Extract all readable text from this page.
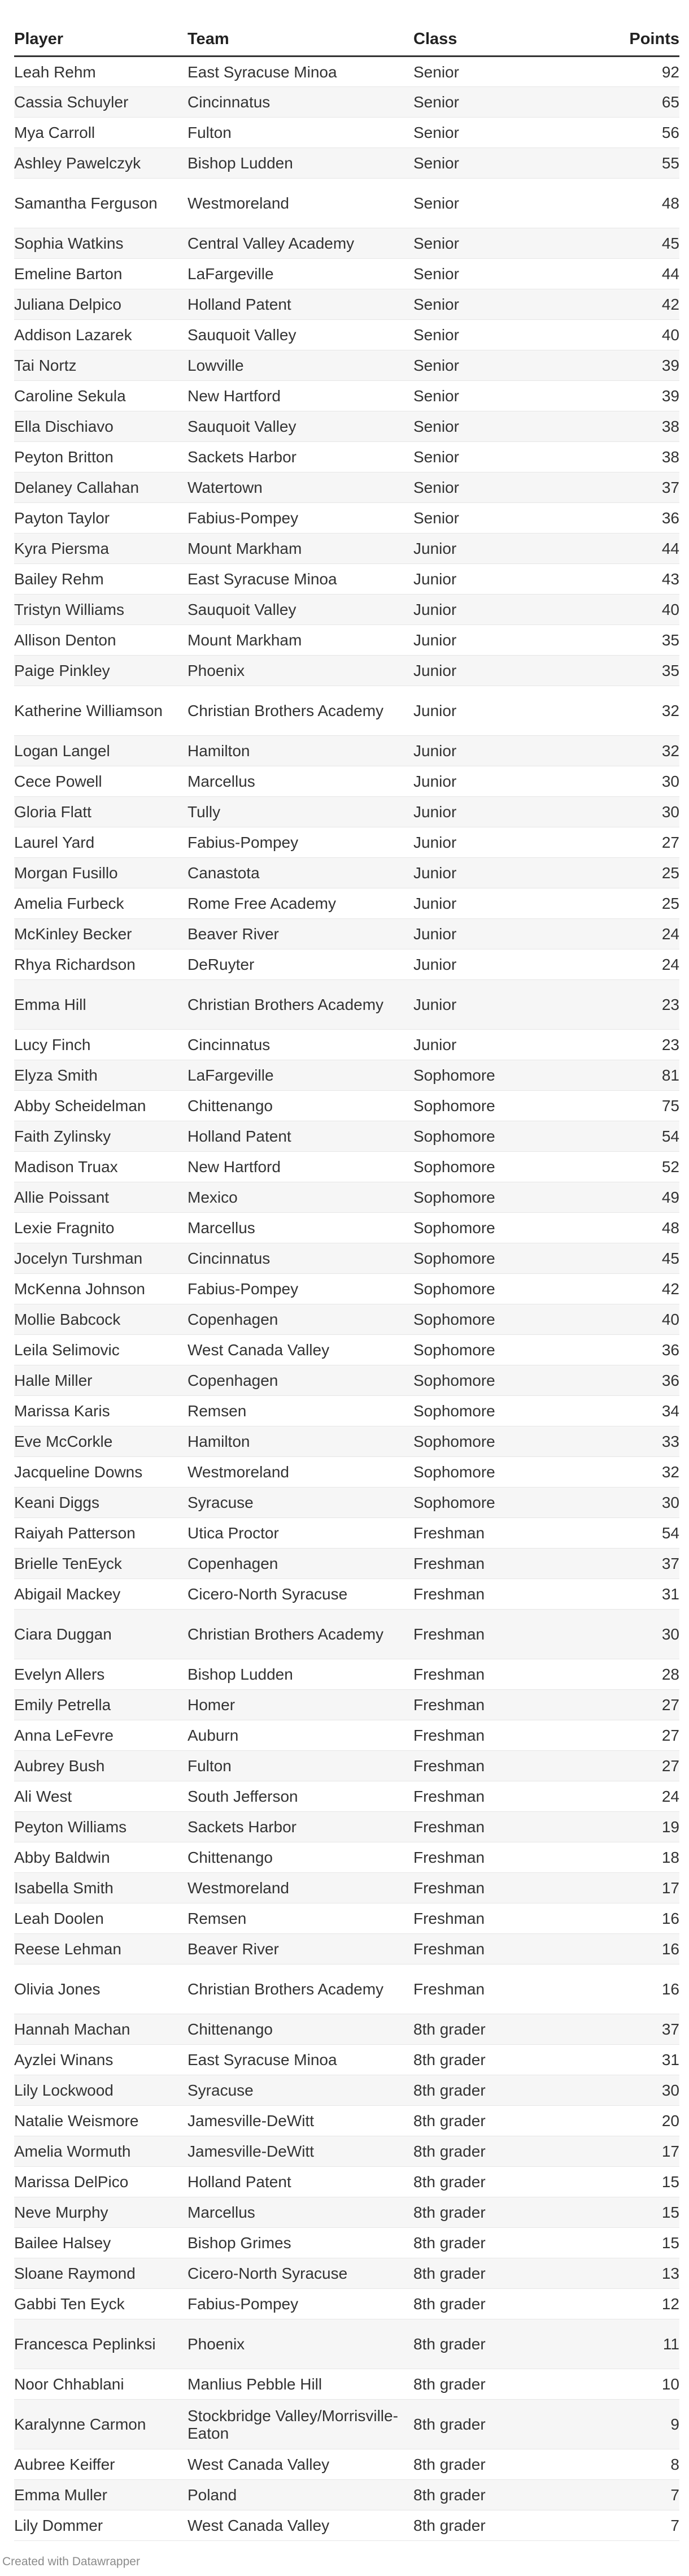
Player	Team	Class	Points
Leah Rehm	East Syracuse Minoa	Senior	92
Cassia Schuyler	Cincinnatus	Senior	65
Mya Carroll	Fulton	Senior	56
Ashley Pawelczyk	Bishop Ludden	Senior	55
Samantha Ferguson	Westmoreland	Senior	48
Sophia Watkins	Central Valley Academy	Senior	45
Emeline Barton	LaFargeville	Senior	44
Juliana Delpico	Holland Patent	Senior	42
Addison Lazarek	Sauquoit Valley	Senior	40
Tai Nortz	Lowville	Senior	39
Caroline Sekula	New Hartford	Senior	39
Ella Dischiavo	Sauquoit Valley	Senior	38
Peyton Britton	Sackets Harbor	Senior	38
Delaney Callahan	Watertown	Senior	37
Payton Taylor	Fabius-Pompey	Senior	36
Kyra Piersma	Mount Markham	Junior	44
Bailey Rehm	East Syracuse Minoa	Junior	43
Tristyn Williams	Sauquoit Valley	Junior	40
Allison Denton	Mount Markham	Junior	35
Paige Pinkley	Phoenix	Junior	35
Katherine Williamson	Christian Brothers Academy	Junior	32
Logan Langel	Hamilton	Junior	32
Cece Powell	Marcellus	Junior	30
Gloria Flatt	Tully	Junior	30
Laurel Yard	Fabius-Pompey	Junior	27
Morgan Fusillo	Canastota	Junior	25
Amelia Furbeck	Rome Free Academy	Junior	25
McKinley Becker	Beaver River	Junior	24
Rhya Richardson	DeRuyter	Junior	24
Emma Hill	Christian Brothers Academy	Junior	23
Lucy Finch	Cincinnatus	Junior	23
Elyza Smith	LaFargeville	Sophomore	81
Abby Scheidelman	Chittenango	Sophomore	75
Faith Zylinsky	Holland Patent	Sophomore	54
Madison Truax	New Hartford	Sophomore	52
Allie Poissant	Mexico	Sophomore	49
Lexie Fragnito	Marcellus	Sophomore	48
Jocelyn Turshman	Cincinnatus	Sophomore	45
McKenna Johnson	Fabius-Pompey	Sophomore	42
Mollie Babcock	Copenhagen	Sophomore	40
Leila Selimovic	West Canada Valley	Sophomore	36
Halle Miller	Copenhagen	Sophomore	36
Marissa Karis	Remsen	Sophomore	34
Eve McCorkle	Hamilton	Sophomore	33
Jacqueline Downs	Westmoreland	Sophomore	32
Keani Diggs	Syracuse	Sophomore	30
Raiyah Patterson	Utica Proctor	Freshman	54
Brielle TenEyck	Copenhagen	Freshman	37
Abigail Mackey	Cicero-North Syracuse	Freshman	31
Ciara Duggan	Christian Brothers Academy	Freshman	30
Evelyn Allers	Bishop Ludden	Freshman	28
Emily Petrella	Homer	Freshman	27
Anna LeFevre	Auburn	Freshman	27
Aubrey Bush	Fulton	Freshman	27
Ali West	South Jefferson	Freshman	24
Peyton Williams	Sackets Harbor	Freshman	19
Abby Baldwin	Chittenango	Freshman	18
Isabella Smith	Westmoreland	Freshman	17
Leah Doolen	Remsen	Freshman	16
Reese Lehman	Beaver River	Freshman	16
Olivia Jones	Christian Brothers Academy	Freshman	16
Hannah Machan	Chittenango	8th grader	37
Ayzlei Winans	East Syracuse Minoa	8th grader	31
Lily Lockwood	Syracuse	8th grader	30
Natalie Weismore	Jamesville-DeWitt	8th grader	20
Amelia Wormuth	Jamesville-DeWitt	8th grader	17
Marissa DelPico	Holland Patent	8th grader	15
Neve Murphy	Marcellus	8th grader	15
Bailee Halsey	Bishop Grimes	8th grader	15
Sloane Raymond	Cicero-North Syracuse	8th grader	13
Gabbi Ten Eyck	Fabius-Pompey	8th grader	12
Francesca Peplinksi	Phoenix	8th grader	11
Noor Chhablani	Manlius Pebble Hill	8th grader	10
Karalynne Carmon	Stockbridge Valley/Morrisville-Eaton	8th grader	9
Aubree Keiffer	West Canada Valley	8th grader	8
Emma Muller	Poland	8th grader	7
Lily Dommer	West Canada Valley	8th grader	7
Created with Datawrapper
